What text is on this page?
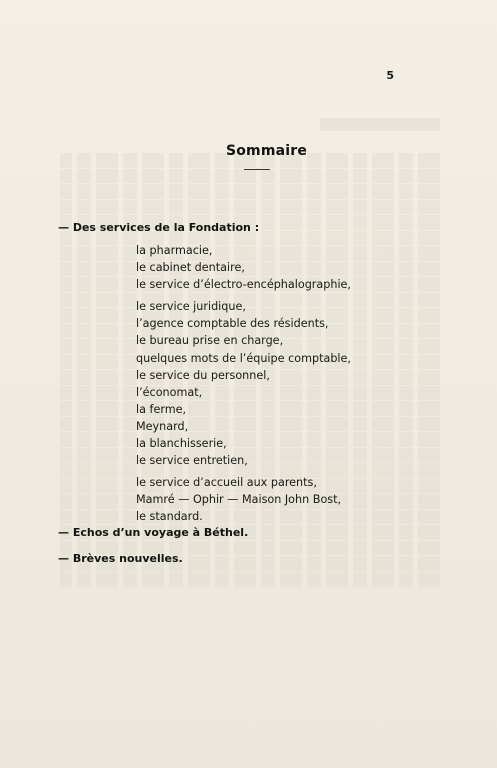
5
Sommaire
— Des services de la Fondation :
la pharmacie,
le cabinet dentaire,
le service d’électro-encéphalographie,
le service juridique,
l’agence comptable des résidents,
le bureau prise en charge,
quelques mots de l’équipe comptable,
le service du personnel,
l’économat,
la ferme,
Meynard,
la blanchisserie,
le service entretien,
le service d’accueil aux parents,
Mamré — Ophir — Maison John Bost,
le standard.
— Echos d’un voyage à Béthel.
— Brèves nouvelles.
